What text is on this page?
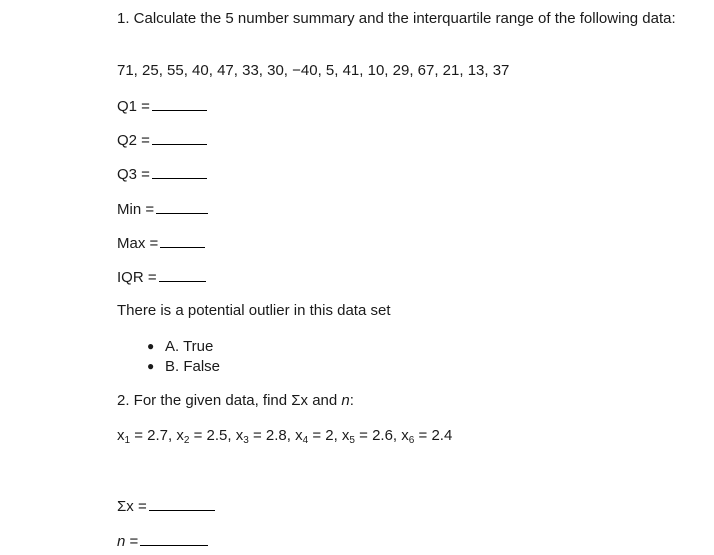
1. Calculate the 5 number summary and the interquartile range of the following data:
71, 25, 55, 40, 47, 33, 30, −40, 5, 41, 10, 29, 67, 21, 13, 37
Q1 =
Q2 =
Q3 =
Min =
Max =
IQR =
There is a potential outlier in this data set
● A. True
● B. False
2. For the given data, find Σx and n:
$x_1 = 2.7$, $x_2 = 2.5$, $x_3 = 2.8$, $x_4 = 2$, $x_5 = 2.6$, $x_6 = 2.4$
Σx =
n =
